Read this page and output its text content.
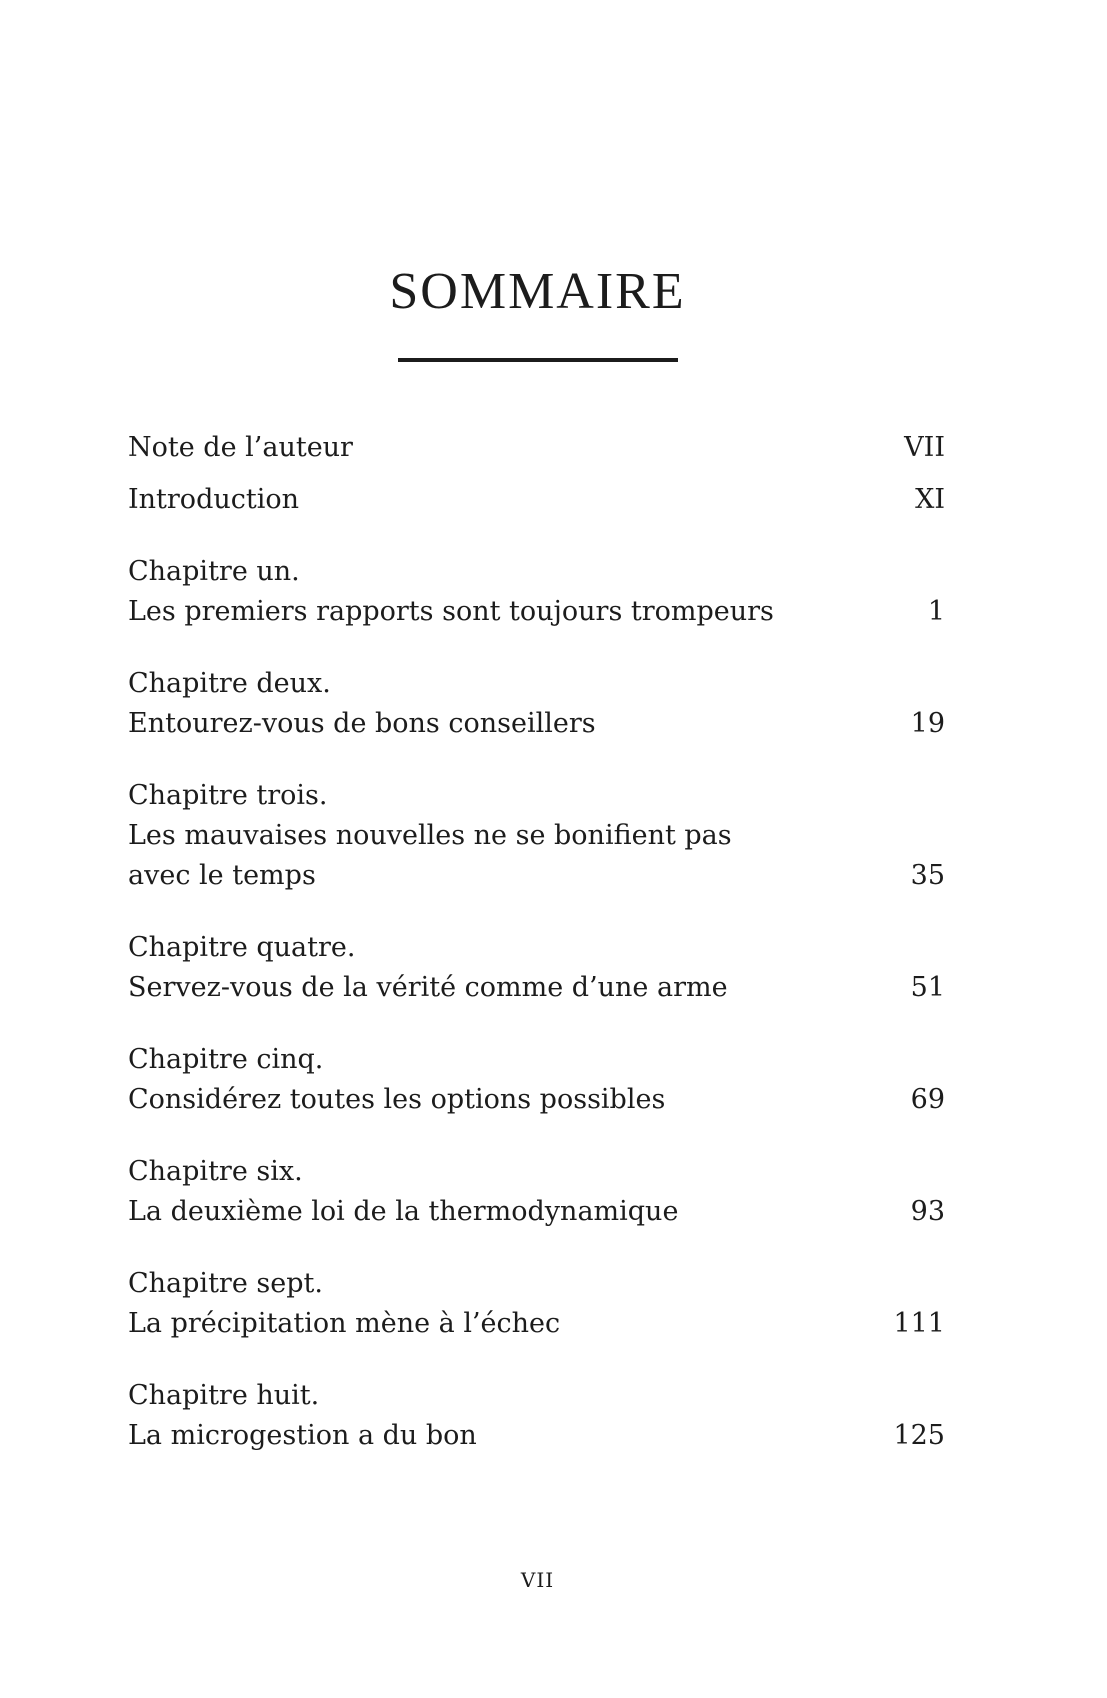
SOMMAIRE
Note de l’auteur	VII
Introduction	XI
Chapitre un.
Les premiers rapports sont toujours trompeurs	1
Chapitre deux.
Entourez-vous de bons conseillers	19
Chapitre trois.
Les mauvaises nouvelles ne se bonifient pas
avec le temps	35
Chapitre quatre.
Servez-vous de la vérité comme d’une arme	51
Chapitre cinq.
Considérez toutes les options possibles	69
Chapitre six.
La deuxième loi de la thermodynamique	93
Chapitre sept.
La précipitation mène à l’échec	111
Chapitre huit.
La microgestion a du bon	125
VII
